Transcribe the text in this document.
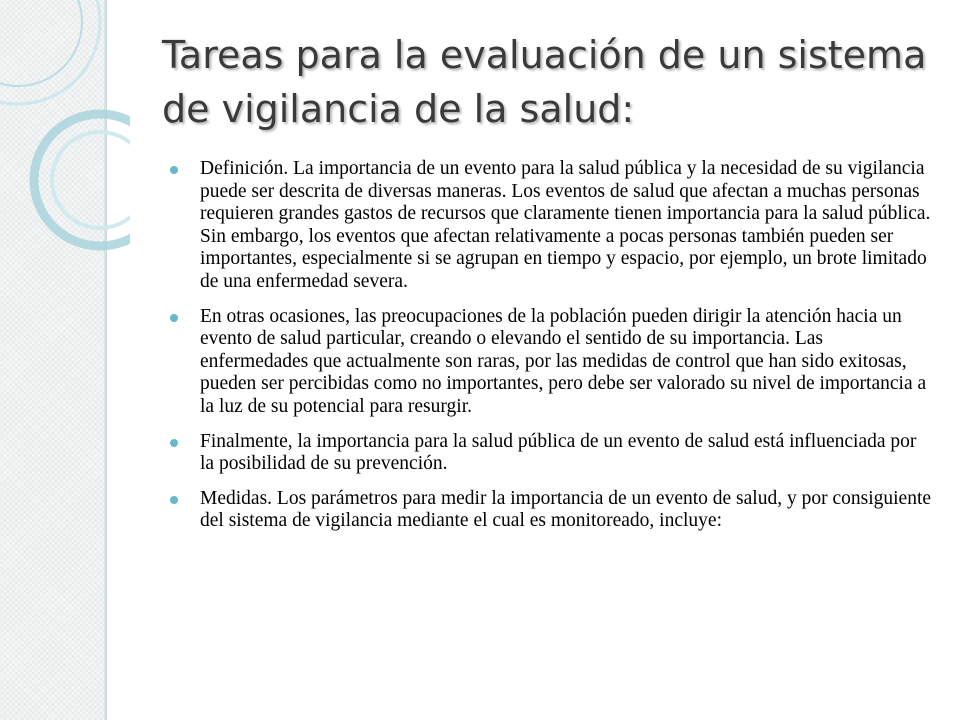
Tareas para la evaluación de un sistema de vigilancia de la salud:
Definición. La importancia de un evento para la salud pública y la necesidad de su vigilancia puede ser descrita de diversas maneras. Los eventos de salud que afectan a muchas personas requieren grandes gastos de recursos que claramente tienen importancia para la salud pública. Sin embargo, los eventos que afectan relativamente a pocas personas también pueden ser importantes, especialmente si se agrupan en tiempo y espacio, por ejemplo, un brote limitado de una enfermedad severa.
En otras ocasiones, las preocupaciones de la población pueden dirigir la atención hacia un evento de salud particular, creando o elevando el sentido de su importancia. Las enfermedades que actualmente son raras, por las medidas de control que han sido exitosas, pueden ser percibidas como no importantes, pero debe ser valorado su nivel de importancia a la luz de su potencial para resurgir.
Finalmente, la importancia para la salud pública de un evento de salud está influenciada por la posibilidad de su prevención.
Medidas. Los parámetros para medir la importancia de un evento de salud, y por consiguiente del sistema de vigilancia mediante el cual es monitoreado, incluye:
